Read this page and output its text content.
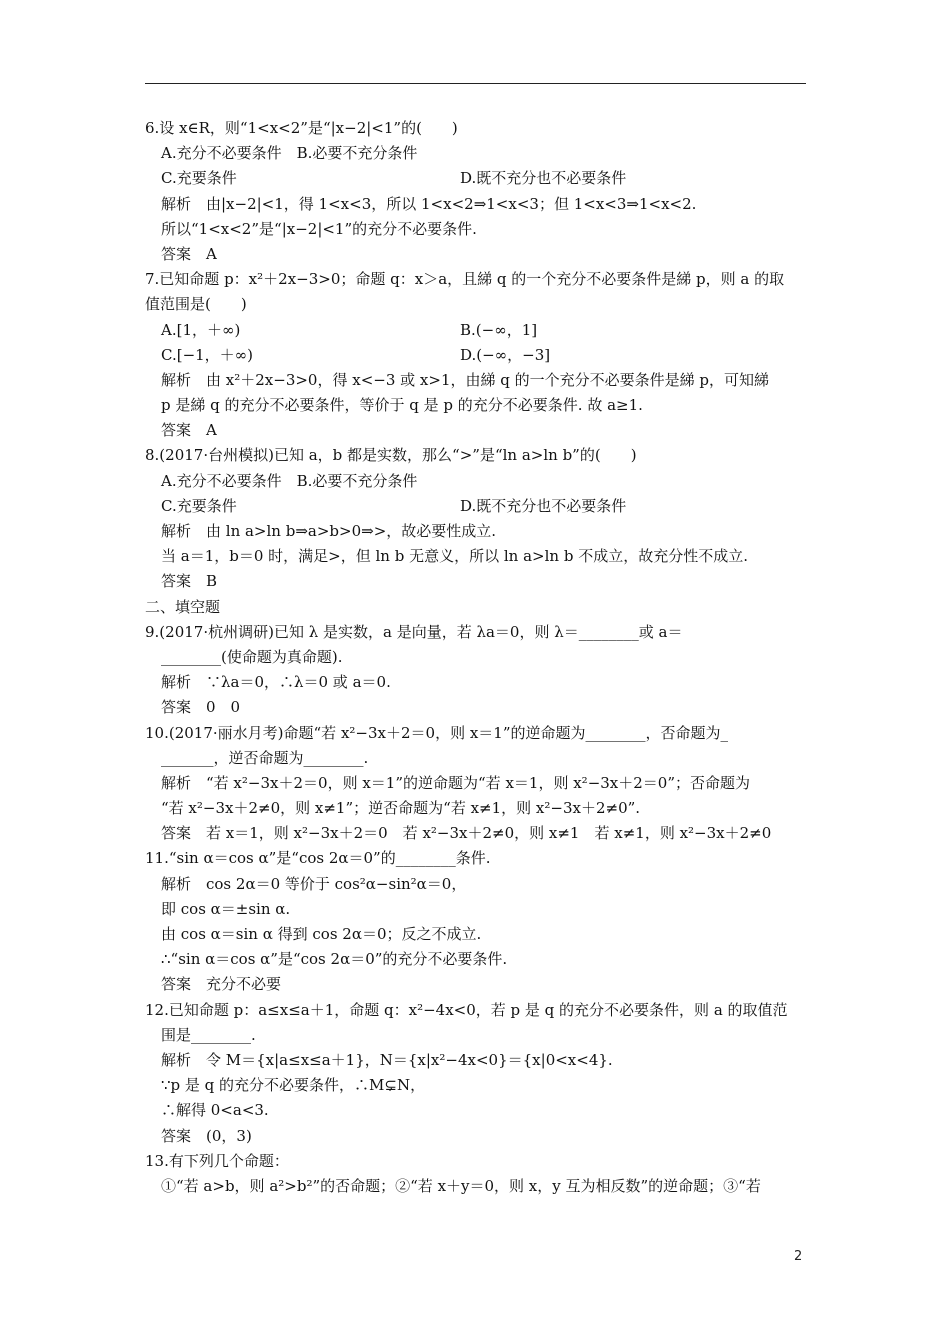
6.设 x∈R，则“1<x<2”是“|x−2|<1”的(　　)
A.充分不必要条件　B.必要不充分条件
C.充要条件	D.既不充分也不必要条件
解析　由|x−2|<1，得 1<x<3，所以 1<x<2⇒1<x<3；但 1<x<3⇒1<x<2.
所以“1<x<2”是“|x−2|<1”的充分不必要条件.
答案　A
7.已知命题 p：x²＋2x−3>0；命题 q：x＞a，且綈 q 的一个充分不必要条件是綈 p，则 a 的取
值范围是(　　)
A.[1，＋∞)	B.(−∞，1]
C.[−1，＋∞)	D.(−∞，−3]
解析　由 x²＋2x−3>0，得 x<−3 或 x>1，由綈 q 的一个充分不必要条件是綈 p，可知綈
p 是綈 q 的充分不必要条件，等价于 q 是 p 的充分不必要条件. 故 a≥1.
答案　A
8.(2017·台州模拟)已知 a，b 都是实数，那么“>”是“ln a>ln b”的(　　)
A.充分不必要条件　B.必要不充分条件
C.充要条件	D.既不充分也不必要条件
解析　由 ln a>ln b⇒a>b>0⇒>，故必要性成立.
当 a＝1，b＝0 时，满足>，但 ln b 无意义，所以 ln a>ln b 不成立，故充分性不成立.
答案　B
二、填空题
9.(2017·杭州调研)已知 λ 是实数，a 是向量，若 λa＝0，则 λ＝________或 a＝
________(使命题为真命题).
解析　∵λa＝0，∴λ＝0 或 a＝0.
答案　0　0
10.(2017·丽水月考)命题“若 x²−3x＋2＝0，则 x＝1”的逆命题为________，否命题为_
_______，逆否命题为________.
解析　“若 x²−3x＋2＝0，则 x＝1”的逆命题为“若 x＝1，则 x²−3x＋2＝0”；否命题为
“若 x²−3x＋2≠0，则 x≠1”；逆否命题为“若 x≠1，则 x²−3x＋2≠0”.
答案　若 x＝1，则 x²−3x＋2＝0　若 x²−3x＋2≠0，则 x≠1　若 x≠1，则 x²−3x＋2≠0
11.“sin α＝cos α”是“cos 2α＝0”的________条件.
解析　cos 2α＝0 等价于 cos²α−sin²α＝0，
即 cos α＝±sin α.
由 cos α＝sin α 得到 cos 2α＝0；反之不成立.
∴“sin α＝cos α”是“cos 2α＝0”的充分不必要条件.
答案　充分不必要
12.已知命题 p：a≤x≤a＋1，命题 q：x²−4x<0，若 p 是 q 的充分不必要条件，则 a 的取值范
围是________.
解析　令 M＝{x|a≤x≤a＋1}，N＝{x|x²−4x<0}＝{x|0<x<4}.
∵p 是 q 的充分不必要条件，∴M⊊N，
∴解得 0<a<3.
答案　(0，3)
13.有下列几个命题：
①“若 a>b，则 a²>b²”的否命题；②“若 x＋y＝0，则 x，y 互为相反数”的逆命题；③“若
2
